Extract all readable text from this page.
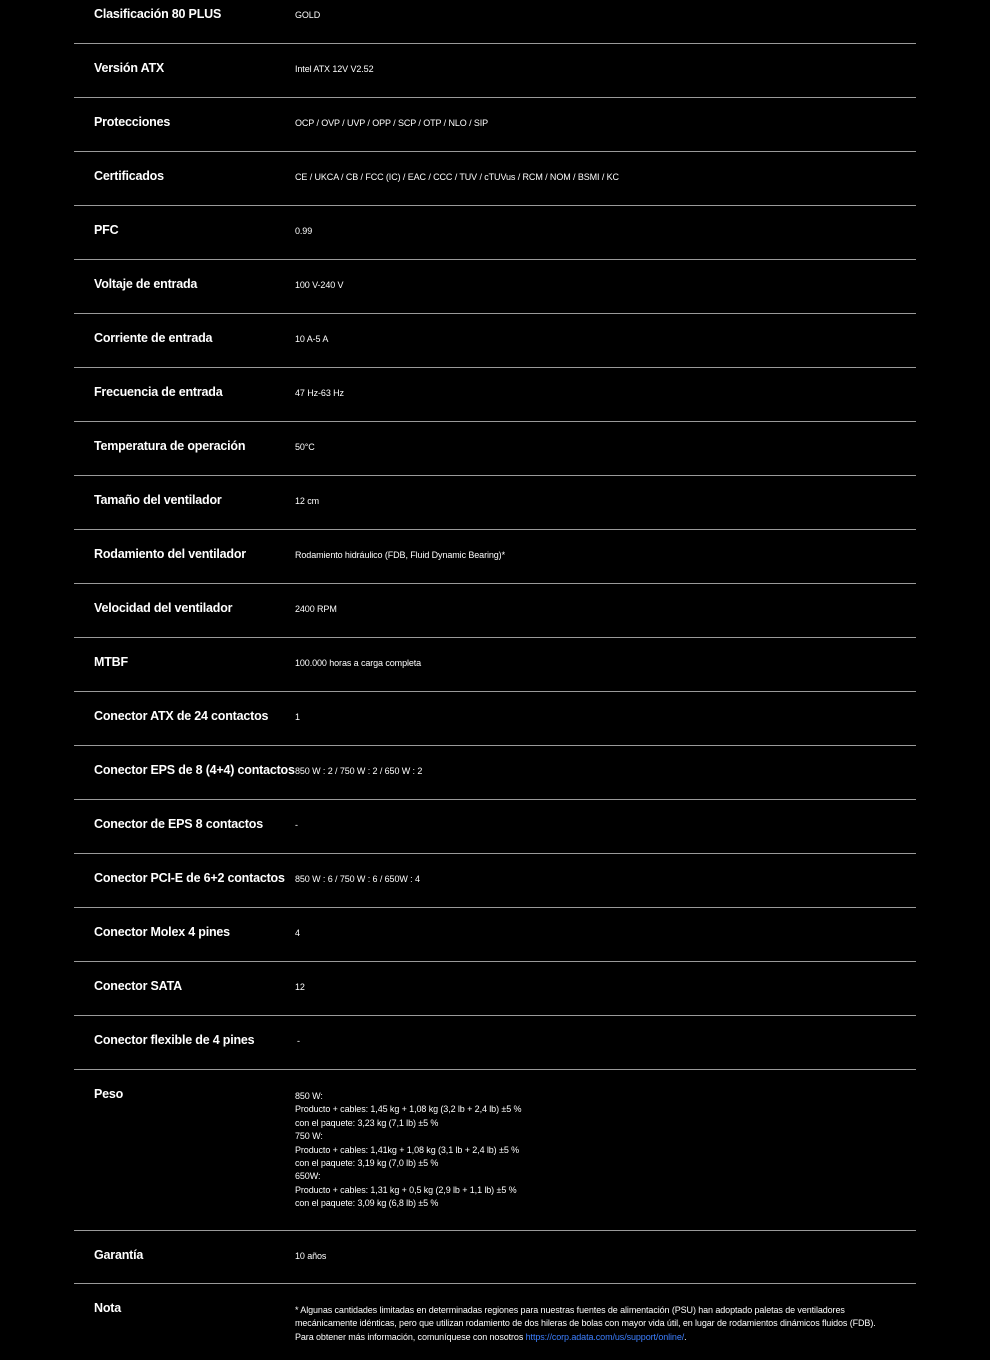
Clasificación 80 PLUS	GOLD
Versión ATX	Intel ATX 12V V2.52
Protecciones	OCP / OVP / UVP / OPP / SCP / OTP / NLO / SIP
Certificados	CE / UKCA / CB / FCC (IC) / EAC / CCC / TUV / cTUVus / RCM / NOM / BSMI / KC
PFC	0.99
Voltaje de entrada	100 V-240 V
Corriente de entrada	10 A-5 A
Frecuencia de entrada	47 Hz-63 Hz
Temperatura de operación	50°C
Tamaño del ventilador	12 cm
Rodamiento del ventilador	Rodamiento hidráulico (FDB, Fluid Dynamic Bearing)*
Velocidad del ventilador	2400 RPM
MTBF	100.000 horas a carga completa
Conector ATX de 24 contactos	1
Conector EPS de 8 (4+4) contactos 850 W : 2 / 750 W : 2 / 650 W : 2
Conector de EPS 8 contactos	-
Conector PCI-E de 6+2 contactos 850 W : 6 / 750 W : 6 / 650W : 4
Conector Molex 4 pines	4
Conector SATA	12
Conector flexible de 4 pines	-
Peso	850 W:
Producto + cables: 1,45 kg + 1,08 kg (3,2 lb + 2,4 lb) ±5 %
con el paquete: 3,23 kg (7,1 lb) ±5 %
750 W:
Producto + cables: 1,41kg + 1,08 kg (3,1 lb + 2,4 lb) ±5 %
con el paquete: 3,19 kg (7,0 lb) ±5 %
650W:
Producto + cables: 1,31 kg + 0,5 kg (2,9 lb + 1,1 lb) ±5 %
con el paquete: 3,09 kg (6,8 lb) ±5 %
Garantía	10 años
Nota	* Algunas cantidades limitadas en determinadas regiones para nuestras fuentes de alimentación (PSU) han adoptado paletas de ventiladores
mecánicamente idénticas, pero que utilizan rodamiento de dos hileras de bolas con mayor vida útil, en lugar de rodamientos dinámicos fluidos (FDB).
Para obtener más información, comuníquese con nosotros https://corp.adata.com/us/support/online/.
